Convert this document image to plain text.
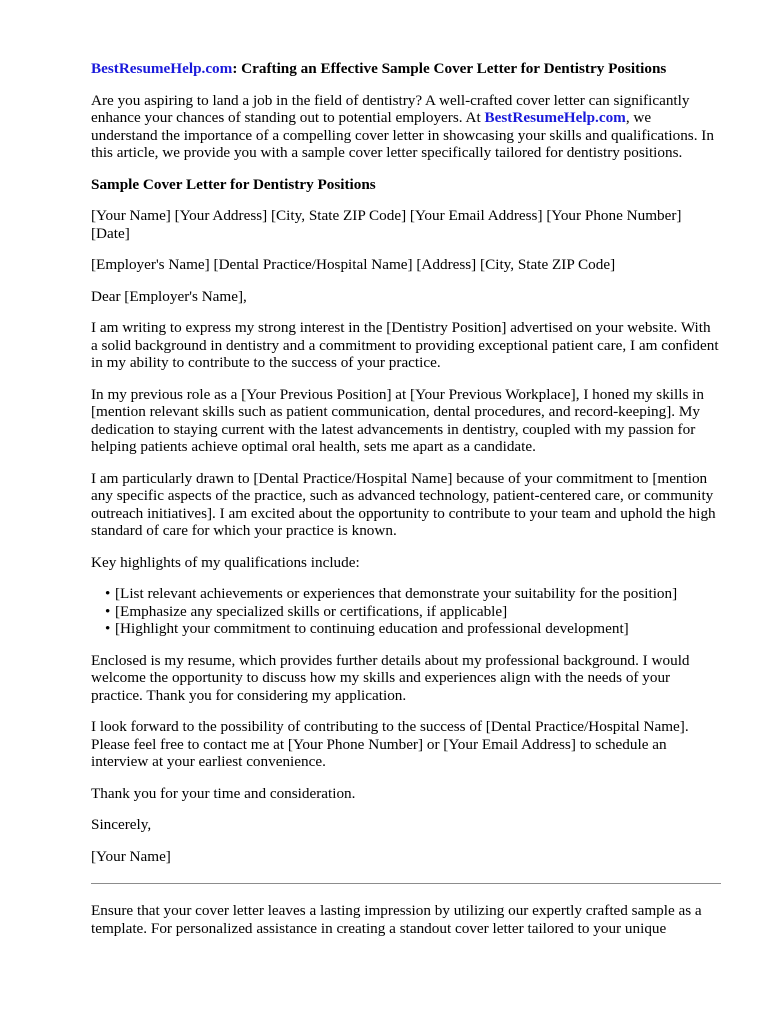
BestResumeHelp.com: Crafting an Effective Sample Cover Letter for Dentistry Positions

Are you aspiring to land a job in the field of dentistry? A well-crafted cover letter can significantly enhance your chances of standing out to potential employers. At BestResumeHelp.com, we understand the importance of a compelling cover letter in showcasing your skills and qualifications. In this article, we provide you with a sample cover letter specifically tailored for dentistry positions.

Sample Cover Letter for Dentistry Positions

[Your Name] [Your Address] [City, State ZIP Code] [Your Email Address] [Your Phone Number]
[Date]

[Employer's Name] [Dental Practice/Hospital Name] [Address] [City, State ZIP Code]

Dear [Employer's Name],

I am writing to express my strong interest in the [Dentistry Position] advertised on your website. With a solid background in dentistry and a commitment to providing exceptional patient care, I am confident in my ability to contribute to the success of your practice.

In my previous role as a [Your Previous Position] at [Your Previous Workplace], I honed my skills in [mention relevant skills such as patient communication, dental procedures, and record-keeping]. My dedication to staying current with the latest advancements in dentistry, coupled with my passion for helping patients achieve optimal oral health, sets me apart as a candidate.

I am particularly drawn to [Dental Practice/Hospital Name] because of your commitment to [mention any specific aspects of the practice, such as advanced technology, patient-centered care, or community outreach initiatives]. I am excited about the opportunity to contribute to your team and uphold the high standard of care for which your practice is known.

Key highlights of my qualifications include:

• [List relevant achievements or experiences that demonstrate your suitability for the position]
• [Emphasize any specialized skills or certifications, if applicable]
• [Highlight your commitment to continuing education and professional development]

Enclosed is my resume, which provides further details about my professional background. I would welcome the opportunity to discuss how my skills and experiences align with the needs of your practice. Thank you for considering my application.

I look forward to the possibility of contributing to the success of [Dental Practice/Hospital Name]. Please feel free to contact me at [Your Phone Number] or [Your Email Address] to schedule an interview at your earliest convenience.

Thank you for your time and consideration.

Sincerely,

[Your Name]

Ensure that your cover letter leaves a lasting impression by utilizing our expertly crafted sample as a template. For personalized assistance in creating a standout cover letter tailored to your unique
